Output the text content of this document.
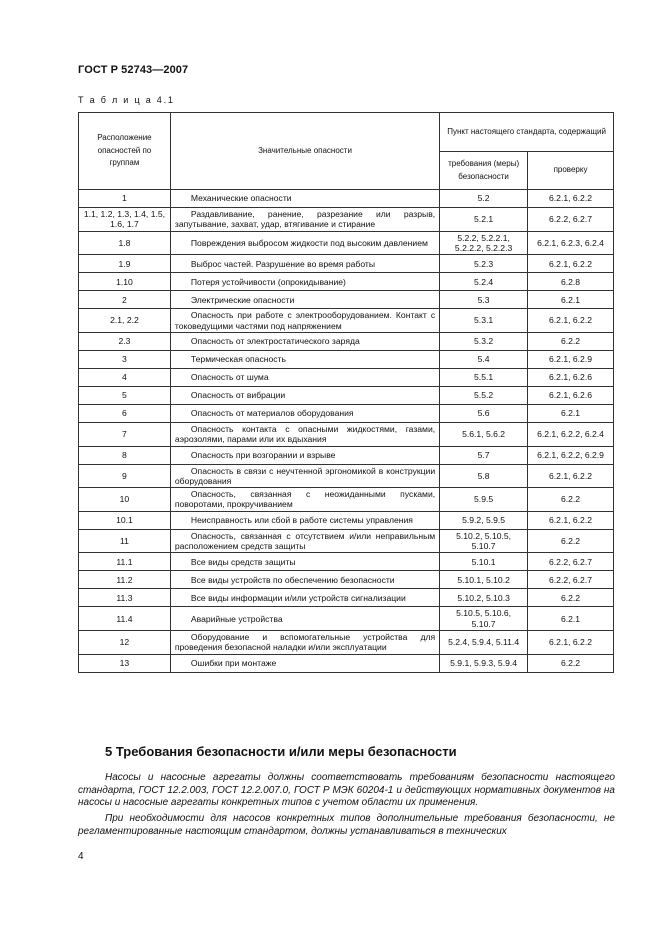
ГОСТ Р 52743—2007
Т а б л и ц а 4.1
Расположение опасностей по группам	Значительные опасности	Пункт настоящего стандарта, содержащий	
		требования (меры) безопасности	проверку
1	Механические опасности	5.2	6.2.1, 6.2.2
1.1, 1.2, 1.3, 1.4, 1.5, 1.6, 1.7	Раздавливание, ранение, разрезание или разрыв, запутывание, захват, удар, втягивание и стирание	5.2.1	6.2.2, 6.2.7
1.8	Повреждения выбросом жидкости под высоким давлением	5.2.2, 5.2.2.1, 5.2.2.2, 5.2.2.3	6.2.1, 6.2.3, 6.2.4
1.9	Выброс частей. Разрушение во время работы	5.2.3	6.2.1, 6.2.2
1.10	Потеря устойчивости (опрокидывание)	5.2.4	6.2.8
2	Электрические опасности	5.3	6.2.1
2.1, 2.2	Опасность при работе с электрооборудованием. Контакт с токоведущими частями под напряжением	5.3.1	6.2.1, 6.2.2
2.3	Опасность от электростатического заряда	5.3.2	6.2.2
3	Термическая опасность	5.4	6.2.1, 6.2.9
4	Опасность от шума	5.5.1	6.2.1, 6.2.6
5	Опасность от вибрации	5.5.2	6.2.1, 6.2.6
6	Опасность от материалов оборудования	5.6	6.2.1
7	Опасность контакта с опасными жидкостями, газами, аэрозолями, парами или их вдыхания	5.6.1, 5.6.2	6.2.1, 6.2.2, 6.2.4
8	Опасность при возгорании и взрыве	5.7	6.2.1, 6.2.2, 6.2.9
9	Опасность в связи с неучтенной эргономикой в конструкции оборудования	5.8	6.2.1, 6.2.2
10	Опасность, связанная с неожиданными пусками, поворотами, прокручиванием	5.9.5	6.2.2
10.1	Неисправность или сбой в работе системы управления	5.9.2, 5.9.5	6.2.1, 6.2.2
11	Опасность, связанная с отсутствием и/или неправильным расположением средств защиты	5.10.2, 5.10.5, 5.10.7	6.2.2
11.1	Все виды средств защиты	5.10.1	6.2.2, 6.2.7
11.2	Все виды устройств по обеспечению безопасности	5.10.1, 5.10.2	6.2.2, 6.2.7
11.3	Все виды информации и/или устройств сигнализации	5.10.2, 5.10.3	6.2.2
11.4	Аварийные устройства	5.10.5, 5.10.6, 5.10.7	6.2.1
12	Оборудование и вспомогательные устройства для проведения безопасной наладки и/или эксплуатации	5.2.4, 5.9.4, 5.11.4	6.2.1, 6.2.2
13	Ошибки при монтаже	5.9.1, 5.9.3, 5.9.4	6.2.2
5 Требования безопасности и/или меры безопасности
Насосы и насосные агрегаты должны соответствовать требованиям безопасности настоящего стандарта, ГОСТ 12.2.003, ГОСТ 12.2.007.0, ГОСТ Р МЭК 60204-1 и действующих нормативных документов на насосы и насосные агрегаты конкретных типов с учетом области их применения.
При необходимости для насосов конкретных типов дополнительные требования безопасности, не регламентированные настоящим стандартом, должны устанавливаться в технических
4
